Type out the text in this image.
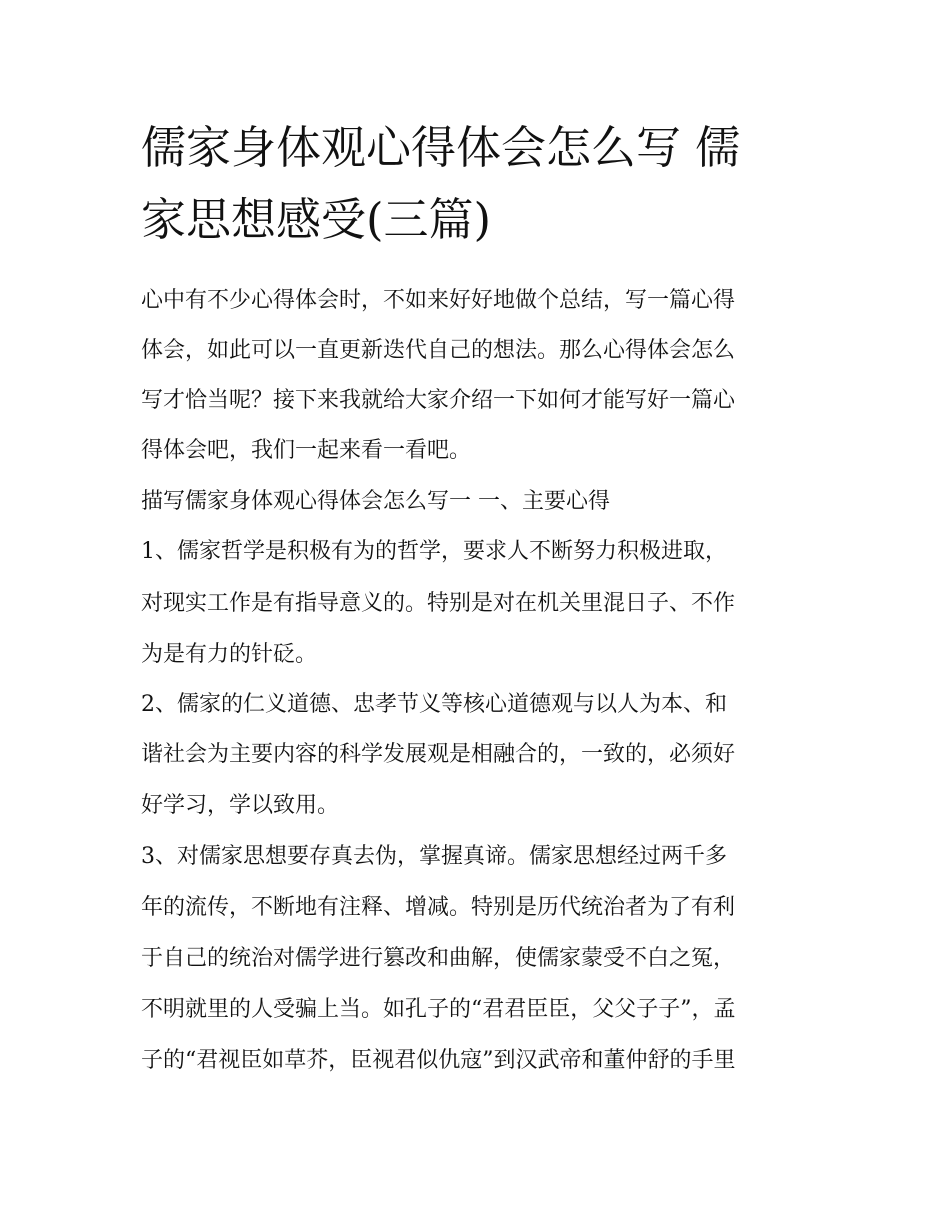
儒家身体观心得体会怎么写 儒
家思想感受(三篇)

心中有不少心得体会时，不如来好好地做个总结，写一篇心得

体会，如此可以一直更新迭代自己的想法。那么心得体会怎么

写才恰当呢？接下来我就给大家介绍一下如何才能写好一篇心

得体会吧，我们一起来看一看吧。

描写儒家身体观心得体会怎么写一 一、主要心得

1、儒家哲学是积极有为的哲学，要求人不断努力积极进取，

对现实工作是有指导意义的。特别是对在机关里混日子、不作

为是有力的针砭。

2、儒家的仁义道德、忠孝节义等核心道德观与以人为本、和

谐社会为主要内容的科学发展观是相融合的，一致的，必须好

好学习，学以致用。

3、对儒家思想要存真去伪，掌握真谛。儒家思想经过两千多

年的流传，不断地有注释、增减。特别是历代统治者为了有利

于自己的统治对儒学进行篡改和曲解，使儒家蒙受不白之冤，

不明就里的人受骗上当。如孔子的“君君臣臣，父父子子”，孟

子的“君视臣如草芥，臣视君似仇寇”到汉武帝和董仲舒的手里
